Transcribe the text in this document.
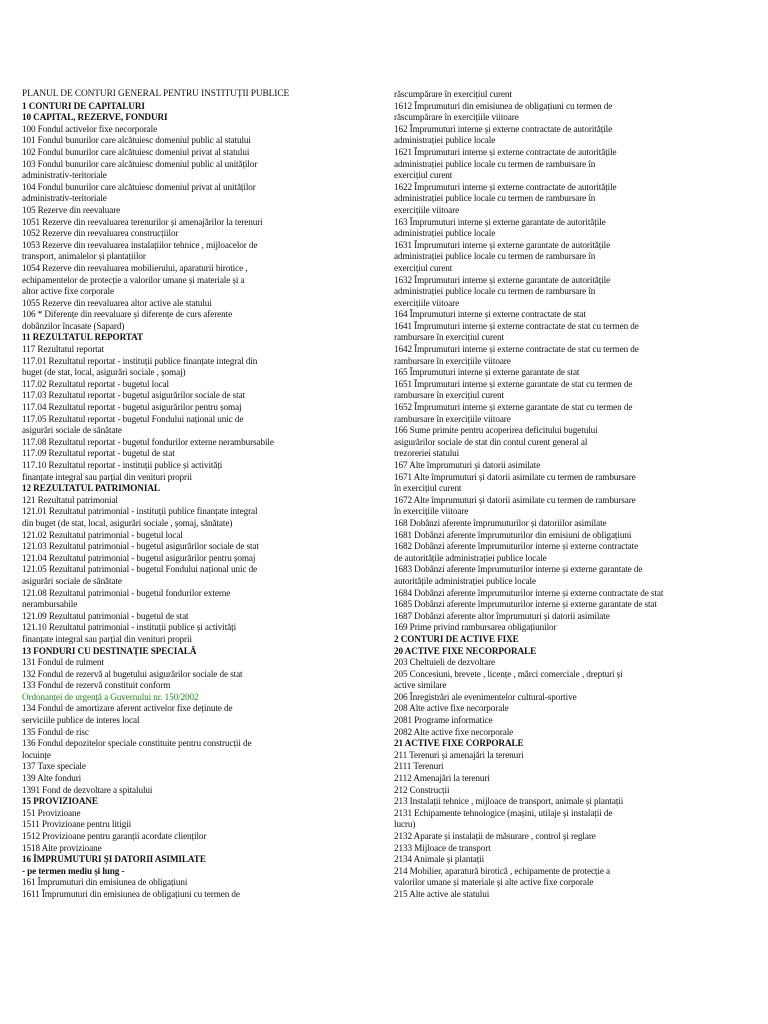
PLANUL DE CONTURI GENERAL PENTRU INSTITUȚII PUBLICE
1 CONTURI DE CAPITALURI
10 CAPITAL, REZERVE, FONDURI
100 Fondul activelor fixe necorporale
101 Fondul bunurilor care alcătuiesc domeniul public al statului
102 Fondul bunurilor care alcătuiesc domeniul privat al statului
103 Fondul bunurilor care alcătuiesc domeniul public al unităților
administrativ-teritoriale
104 Fondul bunurilor care alcătuiesc domeniul privat al unităților
administrativ-teritoriale
105 Rezerve din reevaluare
1051 Rezerve din reevaluarea terenurilor și amenajărilor la terenuri
1052 Rezerve din reevaluarea construcțiilor
1053 Rezerve din reevaluarea instalațiilor tehnice , mijloacelor de
transport, animalelor și plantațiilor
1054 Rezerve din reevaluarea mobilierului, aparaturii birotice ,
echipamentelor de protecție a valorilor umane și materiale și a
altor active fixe corporale
1055 Rezerve din reevaluarea altor active ale statului
106 * Diferențe din reevaluare și diferențe de curs aferente
dobânzilor încasate (Sapard)
11 REZULTATUL REPORTAT
117 Rezultatul reportat
117.01 Rezultatul reportat - instituții publice finanțate integral din
buget (de stat, local, asigurări sociale , șomaj)
117.02 Rezultatul reportat - bugetul local
117.03 Rezultatul reportat - bugetul asigurărilor sociale de stat
117.04 Rezultatul reportat - bugetul asigurărilor pentru șomaj
117.05 Rezultatul reportat - bugetul Fondului național unic de
asigurări sociale de sănătate
117.08 Rezultatul reportat - bugetul fondurilor externe nerambursabile
117.09 Rezultatul reportat - bugetul de stat
117.10 Rezultatul reportat - instituții publice și activități
finanțate integral sau parțial din venituri proprii
12 REZULTATUL PATRIMONIAL
121 Rezultatul patrimonial
121.01 Rezultatul patrimonial - instituții publice finanțate integral
din buget (de stat, local, asigurări sociale , șomaj, sănătate)
121.02 Rezultatul patrimonial - bugetul local
121.03 Rezultatul patrimonial - bugetul asigurărilor sociale de stat
121.04 Rezultatul patrimonial - bugetul asigurărilor pentru șomaj
121.05 Rezultatul patrimonial - bugetul Fondului național unic de
asigurări sociale de sănătate
121.08 Rezultatul patrimonial - bugetul fondurilor externe
nerambursabile
121.09 Rezultatul patrimonial - bugetul de stat
121.10 Rezultatul patrimonial - instituții publice și activități
finanțate integral sau parțial din venituri proprii
13 FONDURI CU DESTINAȚIE SPECIALĂ
131 Fondul de rulment
132 Fondul de rezervă al bugetului asigurărilor sociale de stat
133 Fondul de rezervă constituit conform
Ordonanței de urgență a Guvernului nr. 150/2002
134 Fondul de amortizare aferent activelor fixe deținute de
serviciile publice de interes local
135 Fondul de risc
136 Fondul depozitelor speciale constituite pentru construcții de
locuințe
137 Taxe speciale
139 Alte fonduri
1391 Fond de dezvoltare a spitalului
15 PROVIZIOANE
151 Provizioane
1511 Provizioane pentru litigii
1512 Provizioane pentru garanții acordate clienților
1518 Alte provizioane
16 ÎMPRUMUTURI ȘI DATORII ASIMILATE
- pe termen mediu și lung -
161 Împrumuturi din emisiunea de obligațiuni
1611 Împrumuturi din emisiunea de obligațiuni cu termen de
răscumpărare în exercițiul curent
1612 Împrumuturi din emisiunea de obligațiuni cu termen de
răscumpărare în exercițiile viitoare
162 Împrumuturi interne și externe contractate de autoritățile
administrației publice locale
1621 Împrumuturi interne și externe contractate de autoritățile
administrației publice locale cu termen de rambursare în
exercițiul curent
1622 Împrumuturi interne și externe contractate de autoritățile
administrației publice locale cu termen de rambursare în
exercițiile viitoare
163 Împrumuturi interne și externe garantate de autoritățile
administrației publice locale
1631 Împrumuturi interne și externe garantate de autoritățile
administrației publice locale cu termen de rambursare în
exercițiul curent
1632 Împrumuturi interne și externe garantate de autoritățile
administrației publice locale cu termen de rambursare în
exercițiile viitoare
164 Împrumuturi interne și externe contractate de stat
1641 Împrumuturi interne și externe contractate de stat cu termen de
rambursare în exercițiul curent
1642 Împrumuturi interne și externe contractate de stat cu termen de
rambursare în exercițiile viitoare
165 Împrumuturi interne și externe garantate de stat
1651 Împrumuturi interne și externe garantate de stat cu termen de
rambursare în exercițiul curent
1652 Împrumuturi interne și externe garantate de stat cu termen de
rambursare în exercițiile viitoare
166 Sume primite pentru acoperirea deficitului bugetului
asigurărilor sociale de stat din contul curent general al
trezoreriei statului
167 Alte împrumuturi și datorii asimilate
1671 Alte împrumuturi și datorii asimilate cu termen de rambursare
în exercițiul curent
1672 Alte împrumuturi și datorii asimilate cu termen de rambursare
în exercițiile viitoare
168 Dobânzi aferente împrumuturilor și datoriilor asimilate
1681 Dobânzi aferente împrumuturilor din emisiuni de obligațiuni
1682 Dobânzi aferente împrumuturilor interne și externe contractate
de autoritățile administrației publice locale
1683 Dobânzi aferente împrumuturilor interne și externe garantate de
autoritățile administrației publice locale
1684 Dobânzi aferente împrumuturilor interne și externe contractate de stat
1685 Dobânzi aferente împrumuturilor interne și externe garantate de stat
1687 Dobânzi aferente altor împrumuturi și datorii asimilate
169 Prime privind rambursarea obligațiunilor
2 CONTURI DE ACTIVE FIXE
20 ACTIVE FIXE NECORPORALE
203 Cheltuieli de dezvoltare
205 Concesiuni, brevete , licențe , mărci comerciale , drepturi și
active similare
206 Înregistrări ale evenimentelor cultural-sportive
208 Alte active fixe necorporale
2081 Programe informatice
2082 Alte active fixe necorporale
21 ACTIVE FIXE CORPORALE
211 Terenuri și amenajări la terenuri
2111 Terenuri
2112 Amenajări la terenuri
212 Construcții
213 Instalații tehnice , mijloace de transport, animale și plantații
2131 Echipamente tehnologice (mașini, utilaje și instalații de
lucru)
2132 Aparate și instalații de măsurare , control și reglare
2133 Mijloace de transport
2134 Animale și plantații
214 Mobilier, aparatură birotică , echipamente de protecție a
valorilor umane și materiale și alte active fixe corporale
215 Alte active ale statului
